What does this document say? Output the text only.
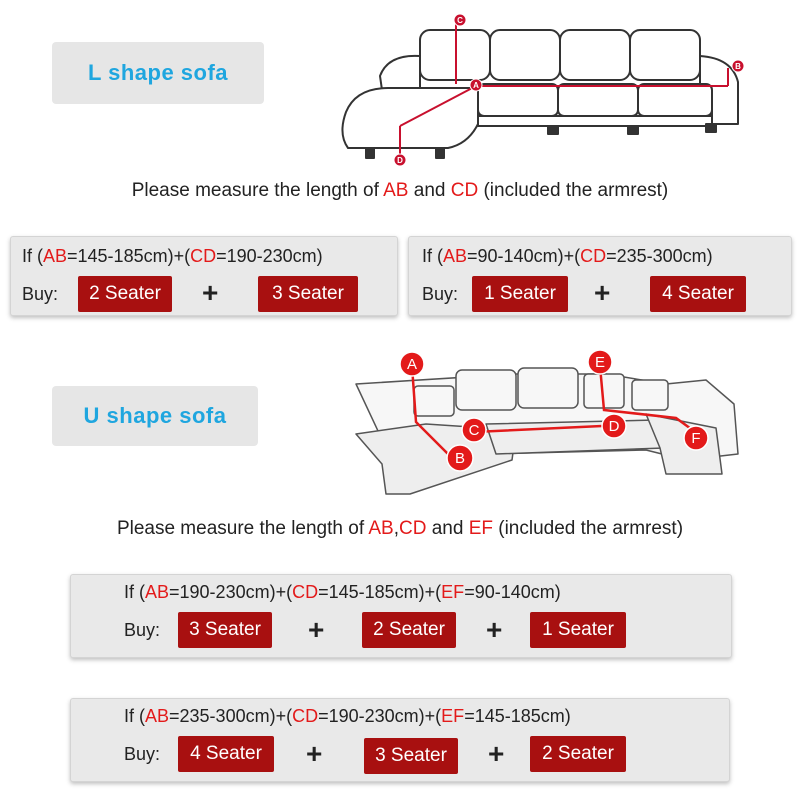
L shape sofa
C
A
B
D
Please measure the length of AB and CD (included the armrest)
If (AB=145-185cm)+(CD=190-230cm)
Buy:	2 Seater	+	3 Seater
If (AB=90-140cm)+(CD=235-300cm)
Buy:	1 Seater	+	4 Seater
U shape sofa
A
B
C	D
E
F
Please measure the length of AB,CD and EF (included the armrest)
If (AB=190-230cm)+(CD=145-185cm)+(EF=90-140cm)
Buy:	3 Seater	+	2 Seater	+	1 Seater
If (AB=235-300cm)+(CD=190-230cm)+(EF=145-185cm)
Buy:	4 Seater	+	3 Seater	+	2 Seater
